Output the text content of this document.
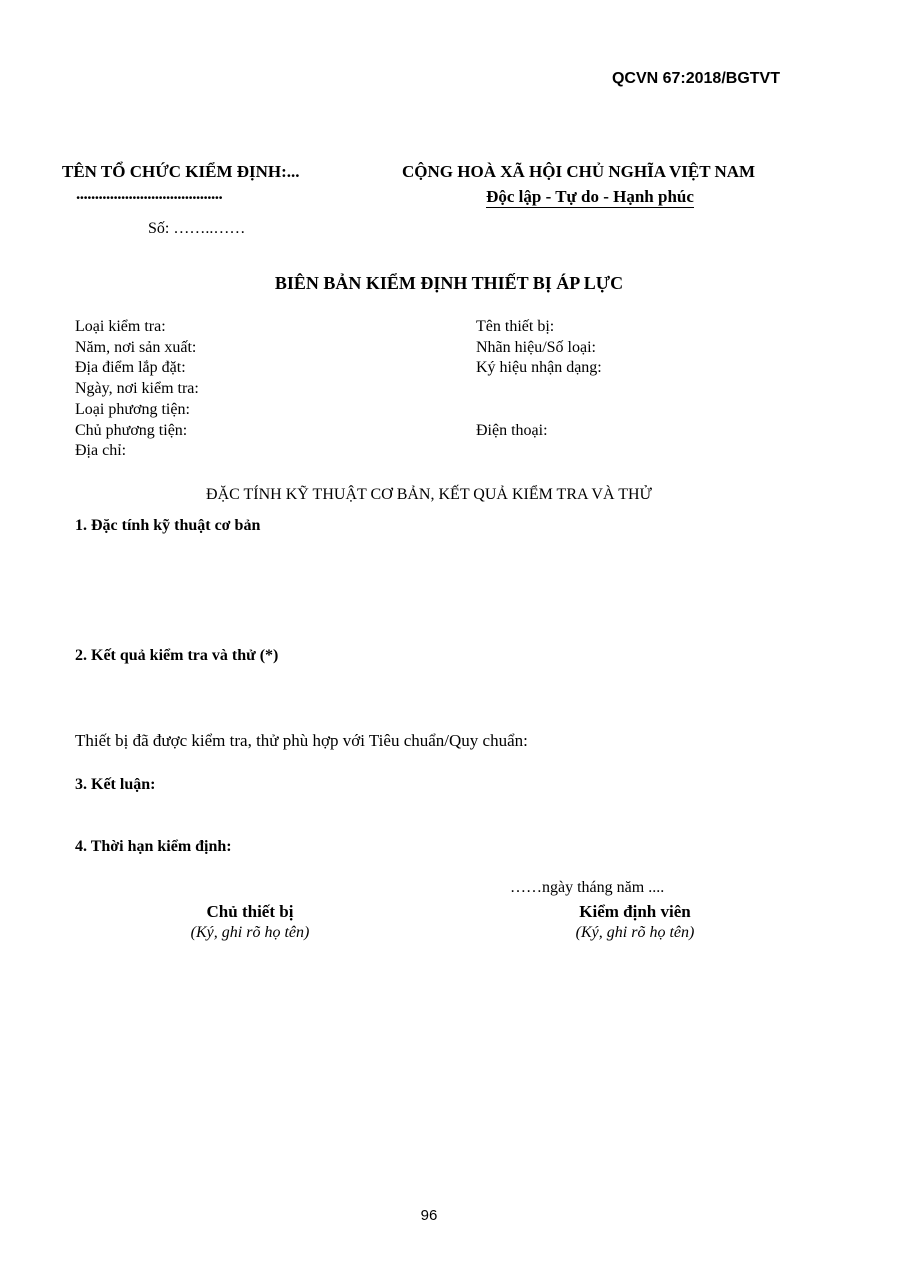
QCVN 67:2018/BGTVT
TÊN TỔ CHỨC KIỂM ĐỊNH:...
.......................................
CỘNG HOÀ XÃ HỘI CHỦ NGHĨA VIỆT NAM
Độc lập - Tự do - Hạnh phúc
Số: ……..……
BIÊN BẢN KIỂM ĐỊNH THIẾT BỊ ÁP LỰC
Loại kiểm tra:
Năm, nơi sản xuất:
Địa điểm lắp đặt:
Ngày, nơi kiểm tra:
Loại phương tiện:
Chủ phương tiện:
Địa chỉ:
Tên thiết bị:
Nhãn hiệu/Số loại:
Ký hiệu nhận dạng:
Điện thoại:
ĐẶC TÍNH KỸ THUẬT CƠ BẢN, KẾT QUẢ KIỂM TRA VÀ THỬ
1. Đặc tính kỹ thuật cơ bản
2. Kết quả kiểm tra và thử (*)
Thiết bị đã được kiểm tra, thử phù hợp với Tiêu chuẩn/Quy chuẩn:
3. Kết luận:
4. Thời hạn kiểm định:
……ngày tháng năm ....
Chủ thiết bị
(Ký, ghi rõ họ tên)
Kiểm định viên
(Ký, ghi rõ họ tên)
96
